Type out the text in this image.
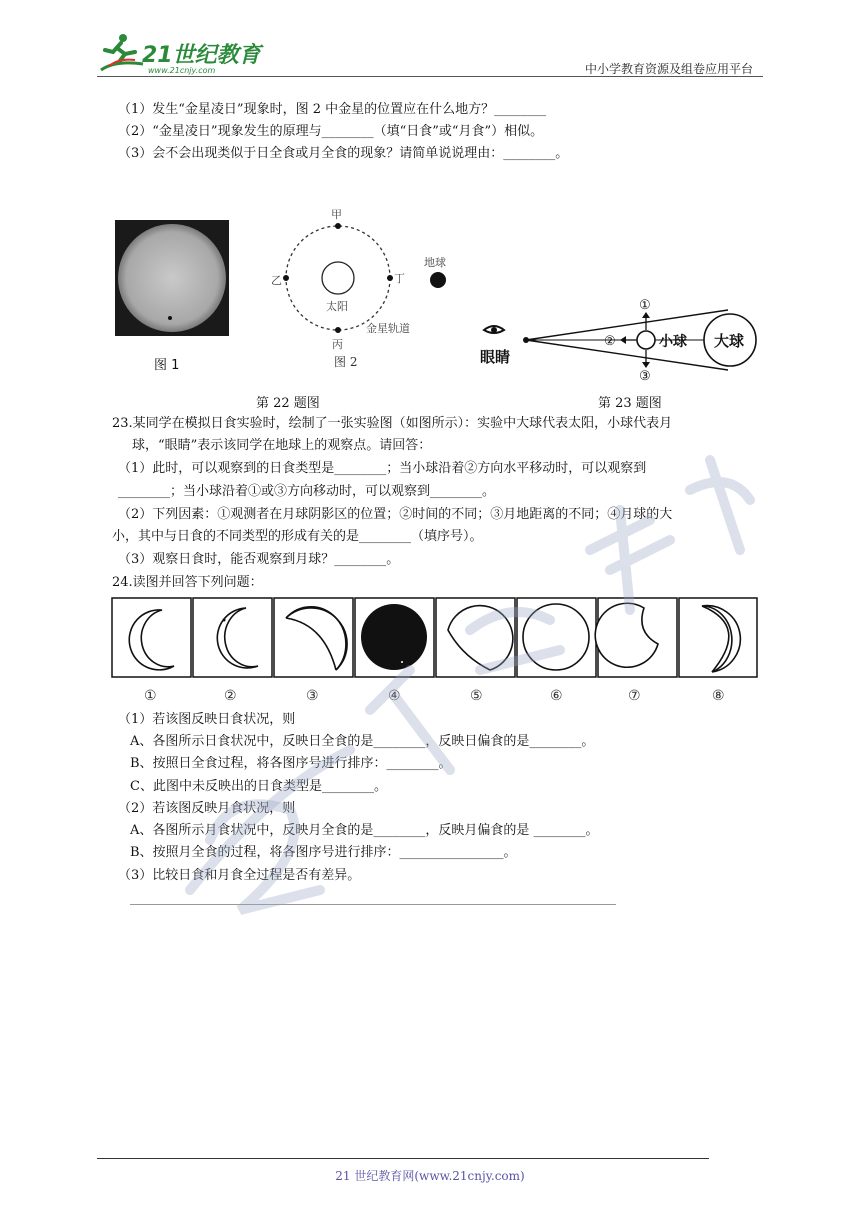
21世纪教育
www.21cnjy.com	中小学教育资源及组卷应用平台
（1）发生“金星凌日”现象时，图 2 中金星的位置应在什么地方？________
（2）“金星凌日”现象发生的原理与________（填“日食”或“月食”）相似。
（3）会不会出现类似于日全食或月全食的现象？请简单说说理由：________。
图 1
甲
乙
丙
丁
太阳
地球
金星轨道
图 2	眼睛
大球
小球
①
②
③
第 22 题图	第 23 题图
23.某同学在模拟日食实验时，绘制了一张实验图（如图所示）：实验中大球代表太阳，小球代表月
球，“眼睛”表示该同学在地球上的观察点。请回答：
（1）此时，可以观察到的日食类型是________；当小球沿着②方向水平移动时，可以观察到
________；当小球沿着①或③方向移动时，可以观察到________。
（2）下列因素：①观测者在月球阴影区的位置；②时间的不同；③月地距离的不同；④月球的大
小，其中与日食的不同类型的形成有关的是________（填序号）。
（3）观察日食时，能否观察到月球？________。
24.读图并回答下列问题：
①	②	③	④	⑤	⑥	⑦	⑧
（1）若该图反映日食状况，则
A、各图所示日食状况中，反映日全食的是________，反映日偏食的是________。
B、按照日全食过程，将各图序号进行排序：________。
C、此图中未反映出的日食类型是________。
（2）若该图反映月食状况，则
A、各图所示月食状况中，反映月全食的是________，反映月偏食的是 ________。
B、按照月全食的过程，将各图序号进行排序：________________。
（3）比较日食和月食全过程是否有差异。
21 世纪教育网(www.21cnjy.com)
